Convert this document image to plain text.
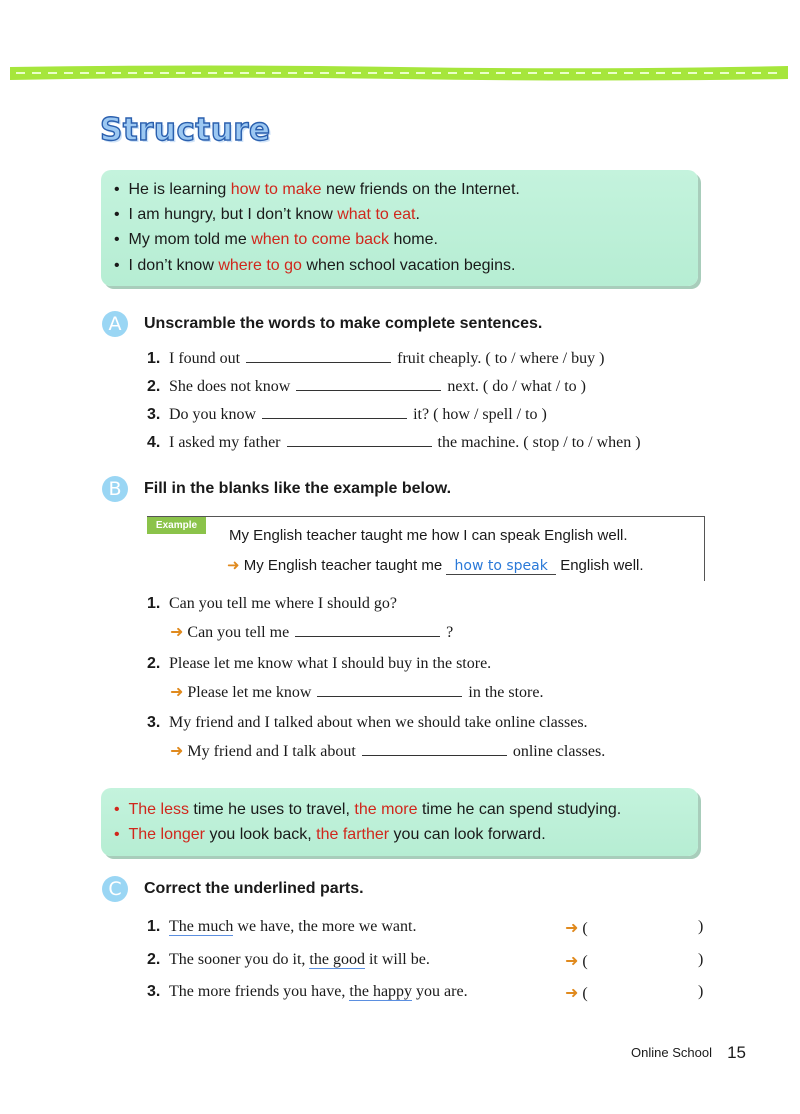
Structure
• He is learning how to make new friends on the Internet.
• I am hungry, but I don’t know what to eat.
• My mom told me when to come back home.
• I don’t know where to go when school vacation begins.
A	Unscramble the words to make complete sentences.
1. I found out	fruit cheaply. ( to / where / buy )
2. She does not know	next. ( do / what / to )
3. Do you know	it? ( how / spell / to )
4. I asked my father	the machine. ( stop / to / when )
B	Fill in the blanks like the example below.
Example
My English teacher taught me how I can speak English well.
➜ My English teacher taught me how to speak English well.
1. Can you tell me where I should go?
➜ Can you tell me	?
2. Please let me know what I should buy in the store.
➜ Please let me know	in the store.
3. My friend and I talked about when we should take online classes.
➜ My friend and I talk about	online classes.
• The less time he uses to travel, the more time he can spend studying.
• The longer you look back, the farther you can look forward.
C	Correct the underlined parts.
1. The much we have, the more we want.	➜ (	)
2. The sooner you do it, the good it will be.	➜ (	)
3. The more friends you have, the happy you are.	➜ (	)
Online School 15
